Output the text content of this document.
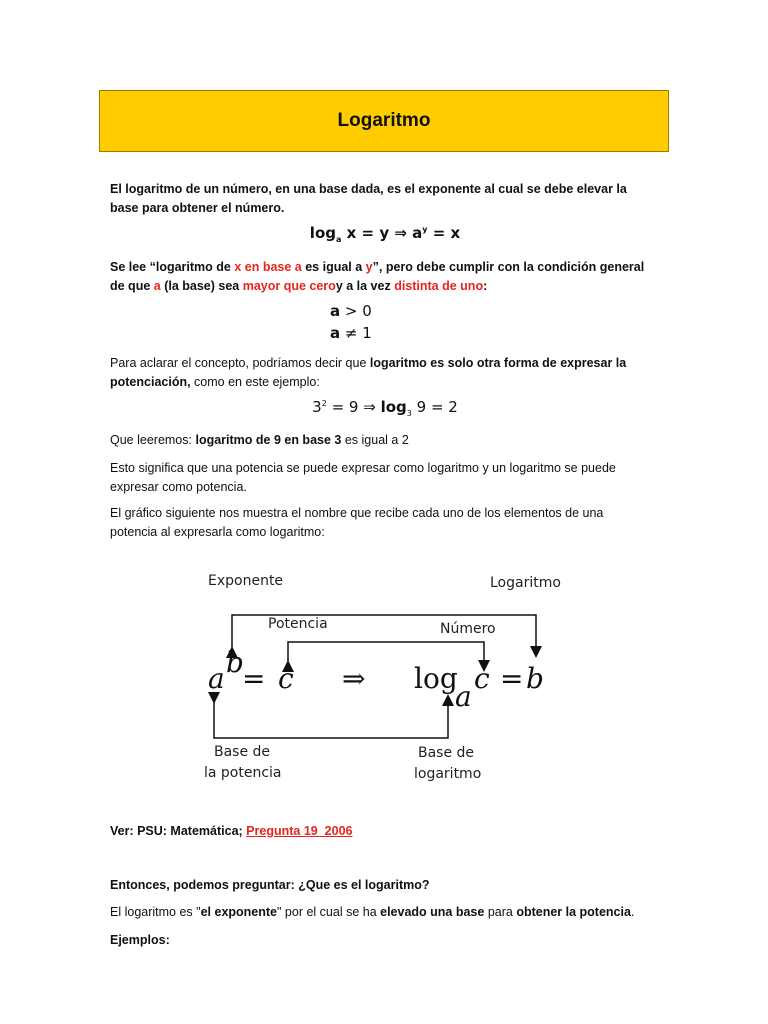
Logaritmo
El logaritmo de un número, en una base dada, es el exponente al cual se debe elevar la base para obtener el número.
$\log_a x = y$ ⇒ $a^y = x$
Se lee “logaritmo de x en base a es igual a y”, pero debe cumplir con la condición general de que a (la base) sea mayor que ceroy a la vez distinta de uno:
a > 0
a ≠ 1
Para aclarar el concepto, podríamos decir que logaritmo es solo otra forma de expresar la potenciación, como en este ejemplo:
$3^2 = 9$ ⇒ $\log_3 9 = 2$
Que leeremos: logaritmo de 9 en base 3 es igual a 2
Esto significa que una potencia se puede expresar como logaritmo y un logaritmo se puede expresar como potencia.
El gráfico siguiente nos muestra el nombre que recibe cada uno de los elementos de una potencia al expresarla como logaritmo:
Exponente	Logaritmo
Potencia	Número
a b
= c ⇒ log
a
c = b
Base de
la potencia
Base de
logaritmo
Ver: PSU: Matemática; Pregunta 19_2006
Entonces, podemos preguntar: ¿Que es el logaritmo?
El logaritmo es "el exponente" por el cual se ha elevado una base para obtener la potencia.
Ejemplos:
